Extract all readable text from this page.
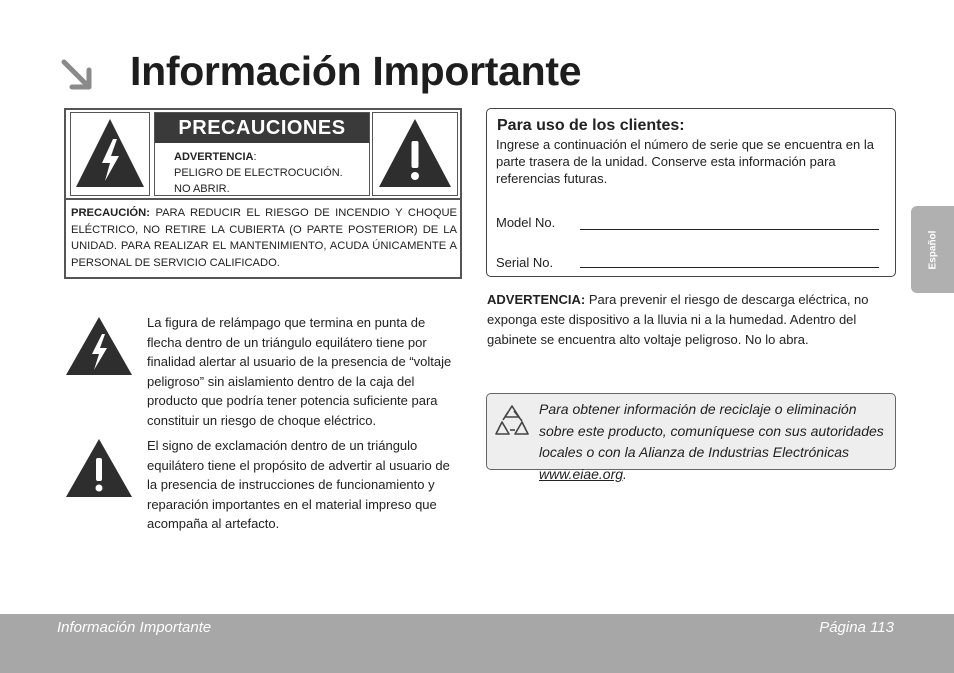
Información Importante
PRECAUCIONES
ADVERTENCIA:
PELIGRO DE ELECTROCUCIÓN.
NO ABRIR.
PRECAUCIÓN: PARA REDUCIR EL RIESGO DE INCENDIO Y CHOQUE ELÉCTRICO, NO RETIRE LA CUBIERTA (O PARTE POSTERIOR) DE LA UNIDAD. PARA REALIZAR EL MANTENIMIENTO, ACUDA ÚNICAMENTE A PERSONAL DE SERVICIO CALIFICADO.
La figura de relámpago que termina en punta de flecha dentro de un triángulo equilátero tiene por finalidad alertar al usuario de la presencia de “voltaje peligroso” sin aislamiento dentro de la caja del producto que podría tener potencia suficiente para constituir un riesgo de choque eléctrico.
El signo de exclamación dentro de un triángulo equilátero tiene el propósito de advertir al usuario de la presencia de instrucciones de funcionamiento y reparación importantes en el material impreso que acompaña al artefacto.
Para uso de los clientes:
Ingrese a continuación el número de serie que se encuentra en la parte trasera de la unidad. Conserve esta información para referencias futuras.
Model No.
Serial No.
ADVERTENCIA: Para prevenir el riesgo de descarga eléctrica, no exponga este dispositivo a la lluvia ni a la humedad. Adentro del gabinete se encuentra alto voltaje peligroso. No lo abra.
Para obtener información de reciclaje o eliminación sobre este producto, comuníquese con sus autoridades locales o con la Alianza de Industrias Electrónicas www.eiae.org.
Español
Información Importante	Página 113
